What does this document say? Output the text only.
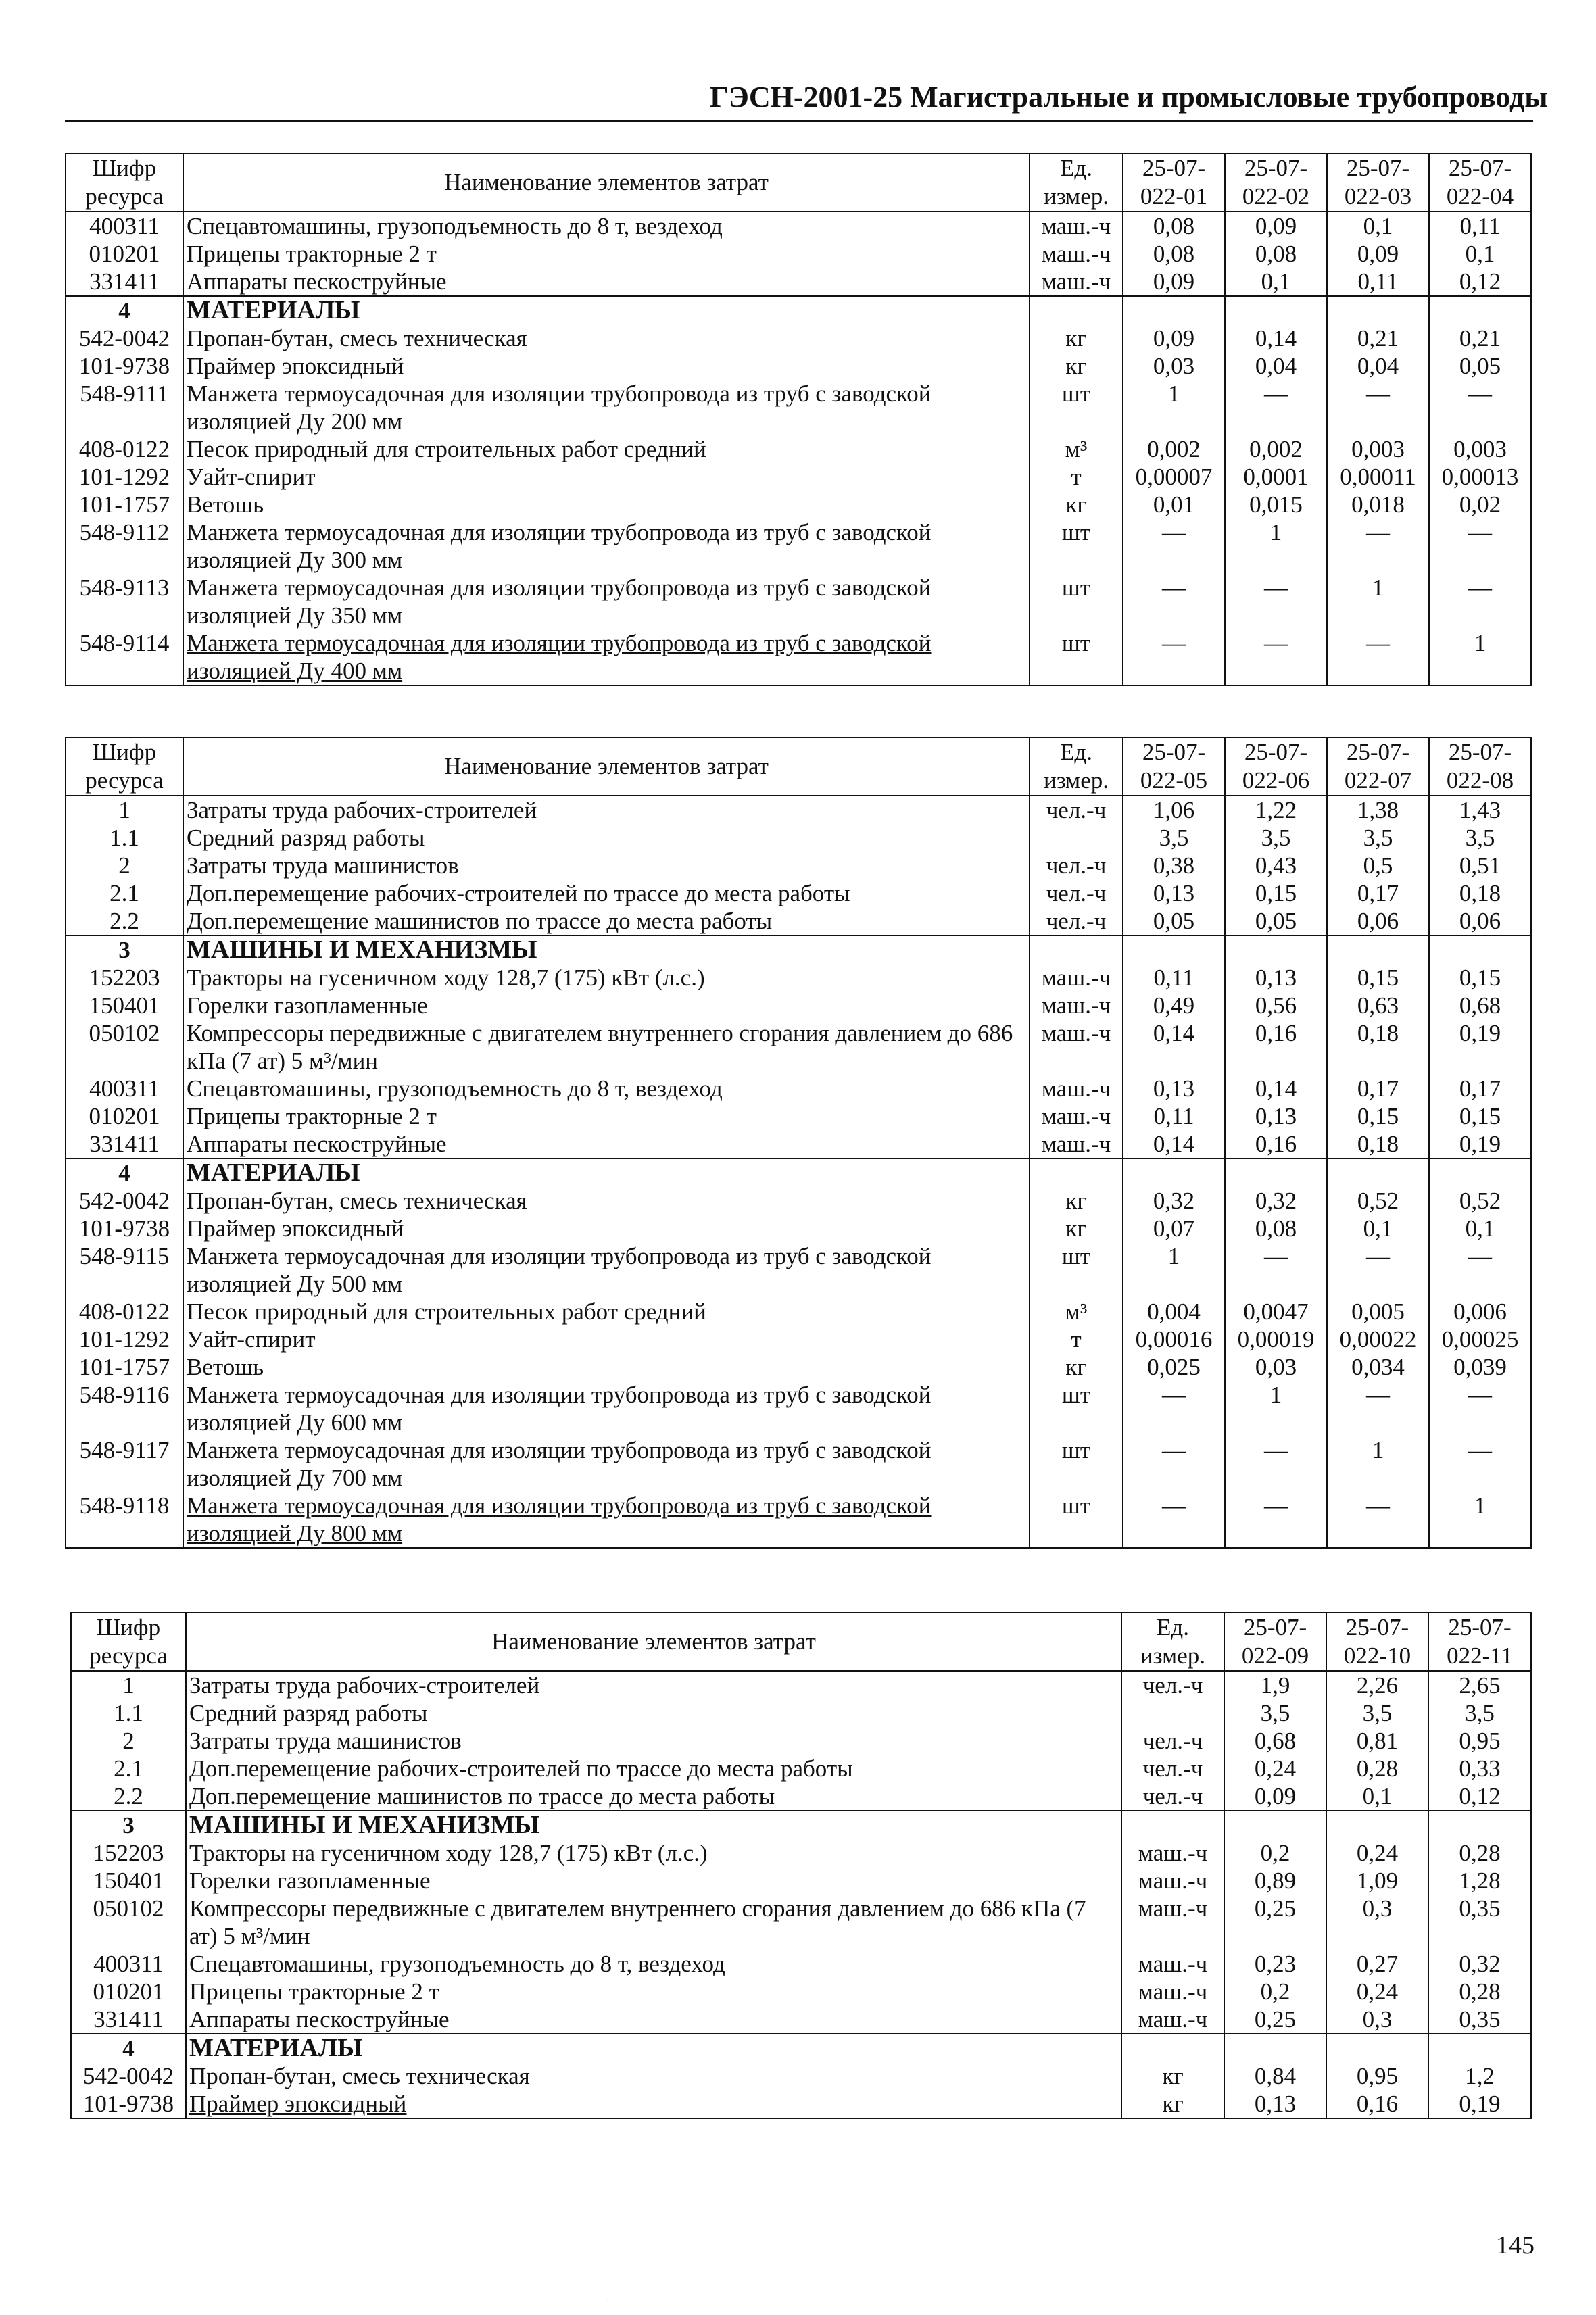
ГЭСН-2001-25 Магистральные и промысловые трубопроводы
Шифр ресурса	Наименование элементов затрат	Ед. измер.	25-07-022-01	25-07-022-02	25-07-022-03	25-07-022-04
400311	Спецавтомашины, грузоподъемность до 8 т, вездеход	маш.-ч	0,08	0,09	0,1	0,11
010201	Прицепы тракторные 2 т	маш.-ч	0,08	0,08	0,09	0,1
331411	Аппараты пескоструйные	маш.-ч	0,09	0,1	0,11	0,12
4	МАТЕРИАЛЫ					
542-0042	Пропан-бутан, смесь техническая	кг	0,09	0,14	0,21	0,21
101-9738	Праймер эпоксидный	кг	0,03	0,04	0,04	0,05
548-9111	Манжета термоусадочная для изоляции трубопровода из труб с заводской изоляцией Ду 200 мм	шт	1	—	—	—
408-0122	Песок природный для строительных работ средний	м³	0,002	0,002	0,003	0,003
101-1292	Уайт-спирит	т	0,00007	0,0001	0,00011	0,00013
101-1757	Ветошь	кг	0,01	0,015	0,018	0,02
548-9112	Манжета термоусадочная для изоляции трубопровода из труб с заводской изоляцией Ду 300 мм	шт	—	1	—	—
548-9113	Манжета термоусадочная для изоляции трубопровода из труб с заводской изоляцией Ду 350 мм	шт	—	—	1	—
548-9114	Манжета термоусадочная для изоляции трубопровода из труб с заводской изоляцией Ду 400 мм	шт	—	—	—	1
Шифр ресурса	Наименование элементов затрат	Ед. измер.	25-07-022-05	25-07-022-06	25-07-022-07	25-07-022-08
1	Затраты труда рабочих-строителей	чел.-ч	1,06	1,22	1,38	1,43
1.1	Средний разряд работы		3,5	3,5	3,5	3,5
2	Затраты труда машинистов	чел.-ч	0,38	0,43	0,5	0,51
2.1	Доп.перемещение рабочих-строителей по трассе до места работы	чел.-ч	0,13	0,15	0,17	0,18
2.2	Доп.перемещение машинистов по трассе до места работы	чел.-ч	0,05	0,05	0,06	0,06
3	МАШИНЫ И МЕХАНИЗМЫ					
152203	Тракторы на гусеничном ходу 128,7 (175) кВт (л.с.)	маш.-ч	0,11	0,13	0,15	0,15
150401	Горелки газопламенные	маш.-ч	0,49	0,56	0,63	0,68
050102	Компрессоры передвижные с двигателем внутреннего сгорания давлением до 686 кПа (7 ат) 5 м³/мин	маш.-ч	0,14	0,16	0,18	0,19
400311	Спецавтомашины, грузоподъемность до 8 т, вездеход	маш.-ч	0,13	0,14	0,17	0,17
010201	Прицепы тракторные 2 т	маш.-ч	0,11	0,13	0,15	0,15
331411	Аппараты пескоструйные	маш.-ч	0,14	0,16	0,18	0,19
4	МАТЕРИАЛЫ					
542-0042	Пропан-бутан, смесь техническая	кг	0,32	0,32	0,52	0,52
101-9738	Праймер эпоксидный	кг	0,07	0,08	0,1	0,1
548-9115	Манжета термоусадочная для изоляции трубопровода из труб с заводской изоляцией Ду 500 мм	шт	1	—	—	—
408-0122	Песок природный для строительных работ средний	м³	0,004	0,0047	0,005	0,006
101-1292	Уайт-спирит	т	0,00016	0,00019	0,00022	0,00025
101-1757	Ветошь	кг	0,025	0,03	0,034	0,039
548-9116	Манжета термоусадочная для изоляции трубопровода из труб с заводской изоляцией Ду 600 мм	шт	—	1	—	—
548-9117	Манжета термоусадочная для изоляции трубопровода из труб с заводской изоляцией Ду 700 мм	шт	—	—	1	—
548-9118	Манжета термоусадочная для изоляции трубопровода из труб с заводской изоляцией Ду 800 мм	шт	—	—	—	1
Шифр ресурса	Наименование элементов затрат	Ед. измер.	25-07-022-09	25-07-022-10	25-07-022-11
1	Затраты труда рабочих-строителей	чел.-ч	1,9	2,26	2,65
1.1	Средний разряд работы		3,5	3,5	3,5
2	Затраты труда машинистов	чел.-ч	0,68	0,81	0,95
2.1	Доп.перемещение рабочих-строителей по трассе до места работы	чел.-ч	0,24	0,28	0,33
2.2	Доп.перемещение машинистов по трассе до места работы	чел.-ч	0,09	0,1	0,12
3	МАШИНЫ И МЕХАНИЗМЫ				
152203	Тракторы на гусеничном ходу 128,7 (175) кВт (л.с.)	маш.-ч	0,2	0,24	0,28
150401	Горелки газопламенные	маш.-ч	0,89	1,09	1,28
050102	Компрессоры передвижные с двигателем внутреннего сгорания давлением до 686 кПа (7 ат) 5 м³/мин	маш.-ч	0,25	0,3	0,35
400311	Спецавтомашины, грузоподъемность до 8 т, вездеход	маш.-ч	0,23	0,27	0,32
010201	Прицепы тракторные 2 т	маш.-ч	0,2	0,24	0,28
331411	Аппараты пескоструйные	маш.-ч	0,25	0,3	0,35
4	МАТЕРИАЛЫ				
542-0042	Пропан-бутан, смесь техническая	кг	0,84	0,95	1,2
101-9738	Праймер эпоксидный	кг	0,13	0,16	0,19
145
·
